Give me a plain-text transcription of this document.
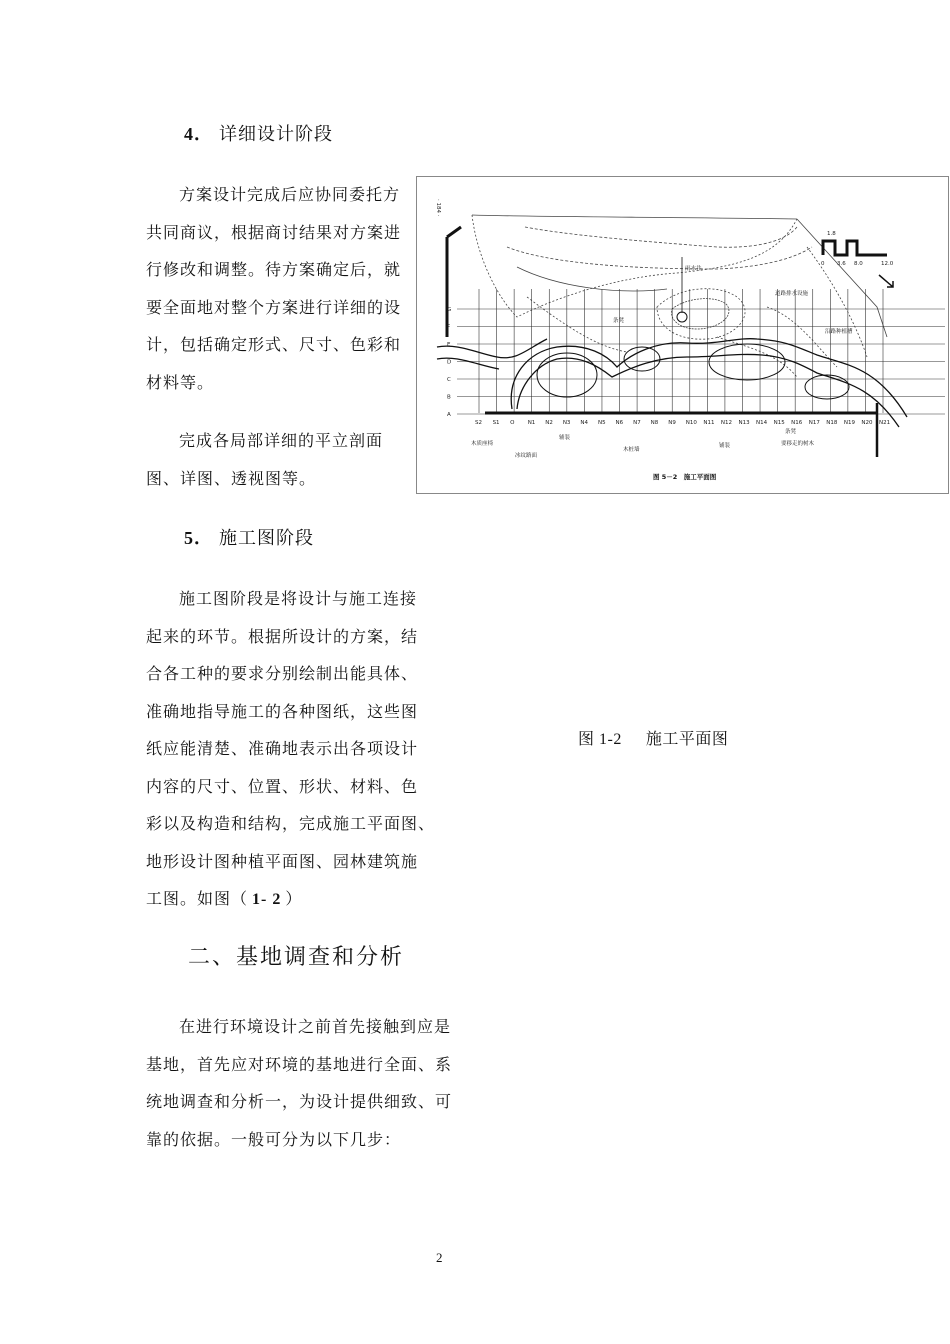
4． 详细设计阶段
方案设计完成后应协同委托方
共同商议，根据商讨结果对方案进
行修改和调整。待方案确定后，就
要全面地对整个方案进行详细的设
计，包括确定形式、尺寸、色彩和
材料等。
完成各局部详细的平立剖面
图、详图、透视图等。
5． 施工图阶段
施工图阶段是将设计与施工连接
起来的环节。根据所设计的方案，结
合各工种的要求分别绘制出能具体、
准确地指导施工的各种图纸，这些图
纸应能清楚、准确地表示出各项设计
内容的尺寸、位置、形状、材料、色
彩以及构造和结构，完成施工平面图、
地形设计图种植平面图、园林建筑施
工图。如图（ 1- 2 ）
二、基地调查和分析
在进行环境设计之前首先接触到应是
基地，首先应对环境的基地进行全面、系
统地调查和分析一，为设计提供细致、可
靠的依据。一般可分为以下几步：
· 184 ·
G
F
E
D
C
B
A
S2 S1 O N1 N2 N3 N4 N5 N6 N7 N8 N9 N10 N11 N12 N13 N14 N15 N16 N17 N18 N19 N20 N21
1.8
0 3.6 8.0	12.0
雨水井
道路排水设施
条凳
沿路种植槽
辅装
木质座椅
冰纹路面
木桩墙
铺装
条凳
要移走的树木
图 5－2　施工平面图
图 1-2 施工平面图
2
